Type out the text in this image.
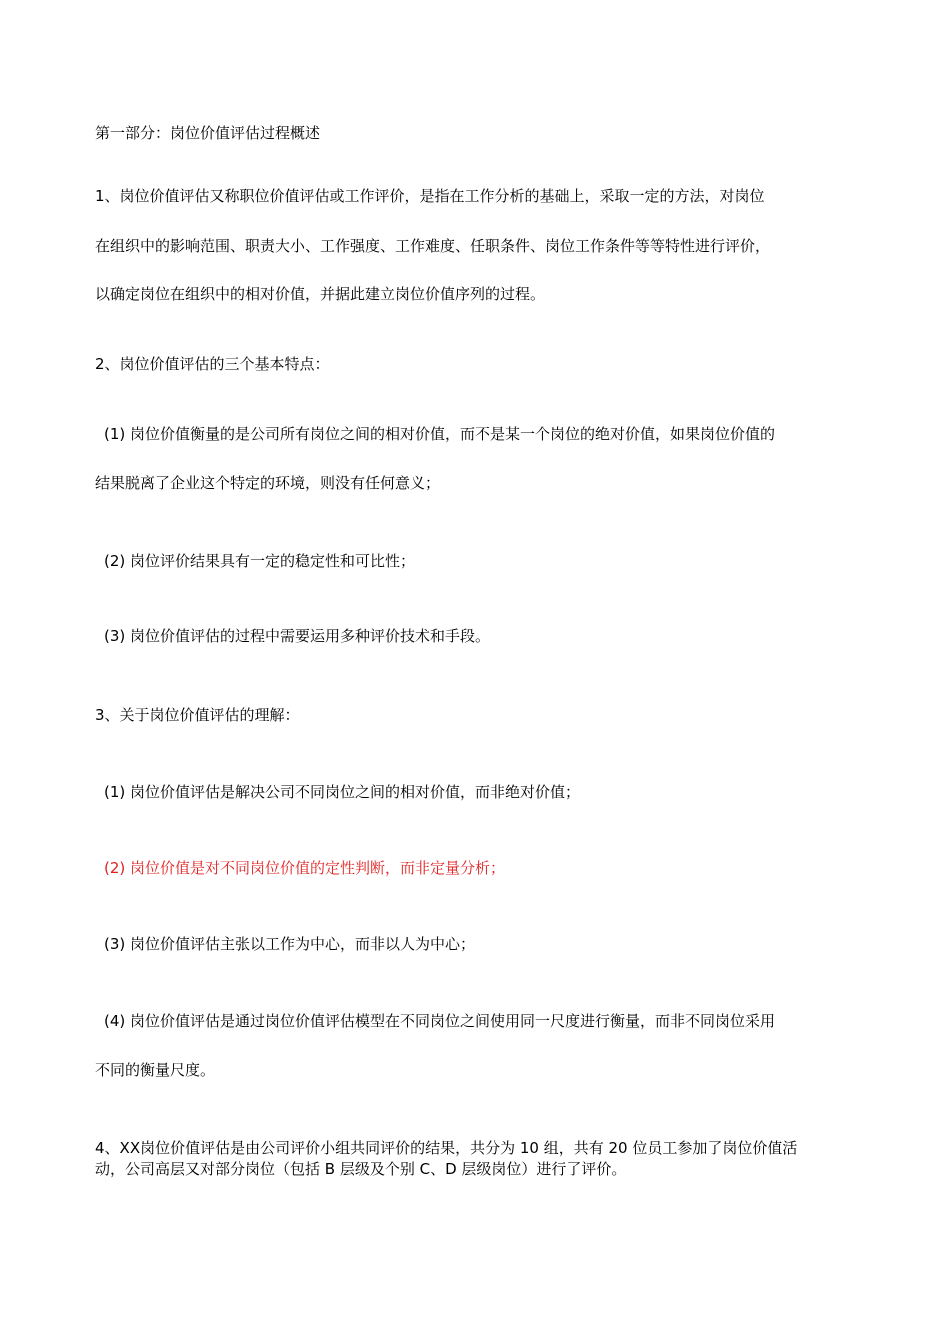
第一部分：岗位价值评估过程概述
1、岗位价值评估又称职位价值评估或工作评价，是指在工作分析的基础上，采取一定的方法，对岗位
在组织中的影响范围、职责大小、工作强度、工作难度、任职条件、岗位工作条件等等特性进行评价，
以确定岗位在组织中的相对价值，并据此建立岗位价值序列的过程。
2、岗位价值评估的三个基本特点：
(1) 岗位价值衡量的是公司所有岗位之间的相对价值，而不是某一个岗位的绝对价值，如果岗位价值的
结果脱离了企业这个特定的环境，则没有任何意义；
(2) 岗位评价结果具有一定的稳定性和可比性；
(3) 岗位价值评估的过程中需要运用多种评价技术和手段。
3、关于岗位价值评估的理解：
(1) 岗位价值评估是解决公司不同岗位之间的相对价值，而非绝对价值；
(2) 岗位价值是对不同岗位价值的定性判断，而非定量分析；
(3) 岗位价值评估主张以工作为中心，而非以人为中心；
(4) 岗位价值评估是通过岗位价值评估模型在不同岗位之间使用同一尺度进行衡量，而非不同岗位采用
不同的衡量尺度。
4、XX岗位价值评估是由公司评价小组共同评价的结果，共分为 10 组，共有 20 位员工参加了岗位价值活
动，公司高层又对部分岗位（包括 B 层级及个别 C、D 层级岗位）进行了评价。
